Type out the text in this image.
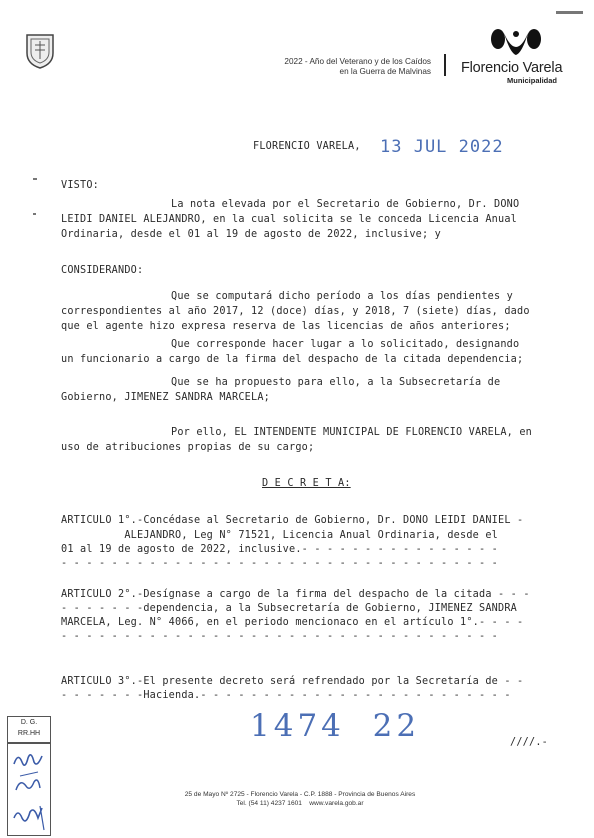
2022 - Año del Veterano y de los Caídos
en la Guerra de Malvinas Florencio Varela
Municipalidad
FLORENCIO VARELA, 13 JUL 2022
VISTO:
La nota elevada por el Secretario de Gobierno, Dr. DONO
LEIDI DANIEL ALEJANDRO, en la cual solicita se le conceda Licencia Anual
Ordinaria, desde el 01 al 19 de agosto de 2022, inclusive; y
CONSIDERANDO:
Que se computará dicho período a los días pendientes y
correspondientes al año 2017, 12 (doce) días, y 2018, 7 (siete) días, dado
que el agente hizo expresa reserva de las licencias de años anteriores;
Que corresponde hacer lugar a lo solicitado, designando
un funcionario a cargo de la firma del despacho de la citada dependencia;
Que se ha propuesto para ello, a la Subsecretaría de
Gobierno, JIMENEZ SANDRA MARCELA;
Por ello, EL INTENDENTE MUNICIPAL DE FLORENCIO VARELA, en
uso de atribuciones propias de su cargo;
D E C R E T A:
ARTICULO 1°.-Concédase al Secretario de Gobierno, Dr. DONO LEIDI DANIEL -
ALEJANDRO, Leg N° 71521, Licencia Anual Ordinaria, desde el
01 al 19 de agosto de 2022, inclusive.- - - - - - - - - - - - - - - -
- - - - - - - - - - - - - - - - - - - - - - - - - - - - - - - - - - -
ARTICULO 2°.-Desígnase a cargo de la firma del despacho de la citada - - -
- - - - - - -dependencia, a la Subsecretaría de Gobierno, JIMENEZ SANDRA
MARCELA, Leg. N° 4066, en el periodo mencionaco en el artículo 1°.- - - -
- - - - - - - - - - - - - - - - - - - - - - - - - - - - - - - - - - -
ARTICULO 3°.-El presente decreto será refrendado por la Secretaría de - -
- - - - - - -Hacienda.- - - - - - - - - - - - - - - - - - - - - - - - -
1474  22	////.-
D. G.
RR.HH
25 de Mayo Nº 2725 - Florencio Varela - C.P. 1888 - Provincia de Buenos Aires
Tel. (54 11) 4237 1601    www.varela.gob.ar
